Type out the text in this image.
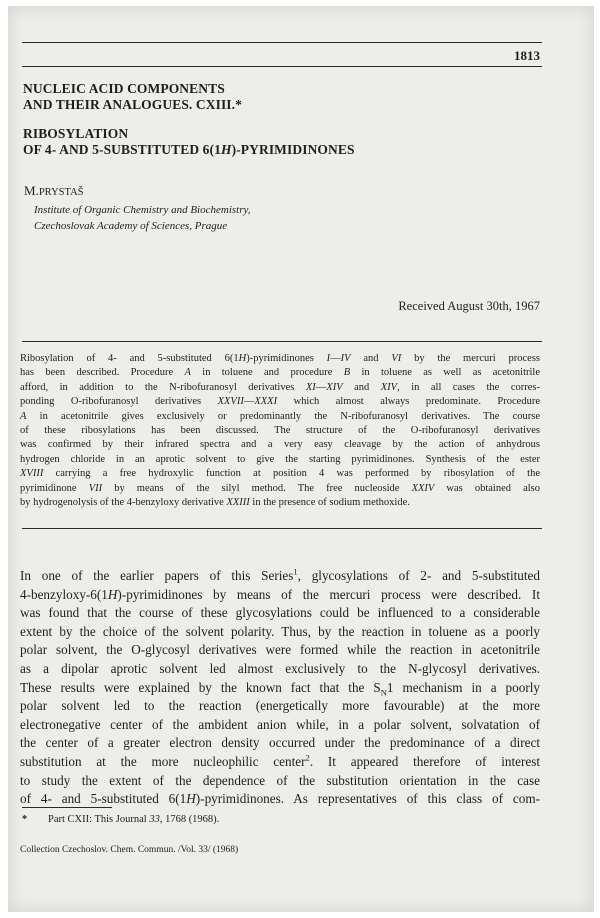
1813
NUCLEIC ACID COMPONENTS
AND THEIR ANALOGUES. CXIII.*
RIBOSYLATION
OF 4- AND 5-SUBSTITUTED 6(1H)-PYRIMIDINONES
M.PRYSTAŠ
Institute of Organic Chemistry and Biochemistry,
Czechoslovak Academy of Sciences, Prague
Received August 30th, 1967
Ribosylation of 4- and 5-substituted 6(1H)-pyrimidinones I—IV and VI by the mercuri process
has been described. Procedure A in toluene and procedure B in toluene as well as acetonitrile
afford, in addition to the N-ribofuranosyl derivatives XI—XIV and XIV, in all cases the corres-
ponding O-ribofuranosyl derivatives XXVII—XXXI which almost always predominate. Procedure
A in acetonitrile gives exclusively or predominantly the N-ribofuranosyl derivatives. The course
of these ribosylations has been discussed. The structure of the O-ribofuranosyl derivatives
was confirmed by their infrared spectra and a very easy cleavage by the action of anhydrous
hydrogen chloride in an aprotic solvent to give the starting pyrimidinones. Synthesis of the ester
XVIII carrying a free hydroxylic function at position 4 was performed by ribosylation of the
pyrimidinone VII by means of the silyl method. The free nucleoside XXIV was obtained also
by hydrogenolysis of the 4-benzyloxy derivative XXIII in the presence of sodium methoxide.
In one of the earlier papers of this Series$^1$, glycosylations of 2- and 5-substituted
4-benzyloxy-6(1H)-pyrimidinones by means of the mercuri process were described. It
was found that the course of these glycosylations could be influenced to a considerable
extent by the choice of the solvent polarity. Thus, by the reaction in toluene as a poorly
polar solvent, the O-glycosyl derivatives were formed while the reaction in acetonitrile
as a dipolar aprotic solvent led almost exclusively to the N-glycosyl derivatives.
These results were explained by the known fact that the $S_N1$ mechanism in a poorly
polar solvent led to the reaction (energetically more favourable) at the more
electronegative center of the ambident anion while, in a polar solvent, solvatation of
the center of a greater electron density occurred under the predominance of a direct
substitution at the more nucleophilic center$^2$. It appeared therefore of interest
to study the extent of the dependence of the substitution orientation in the case
of 4- and 5-substituted 6(1H)-pyrimidinones. As representatives of this class of com-
* Part CXII: This Journal 33, 1768 (1968).
Collection Czechoslov. Chem. Commun. /Vol. 33/ (1968)
